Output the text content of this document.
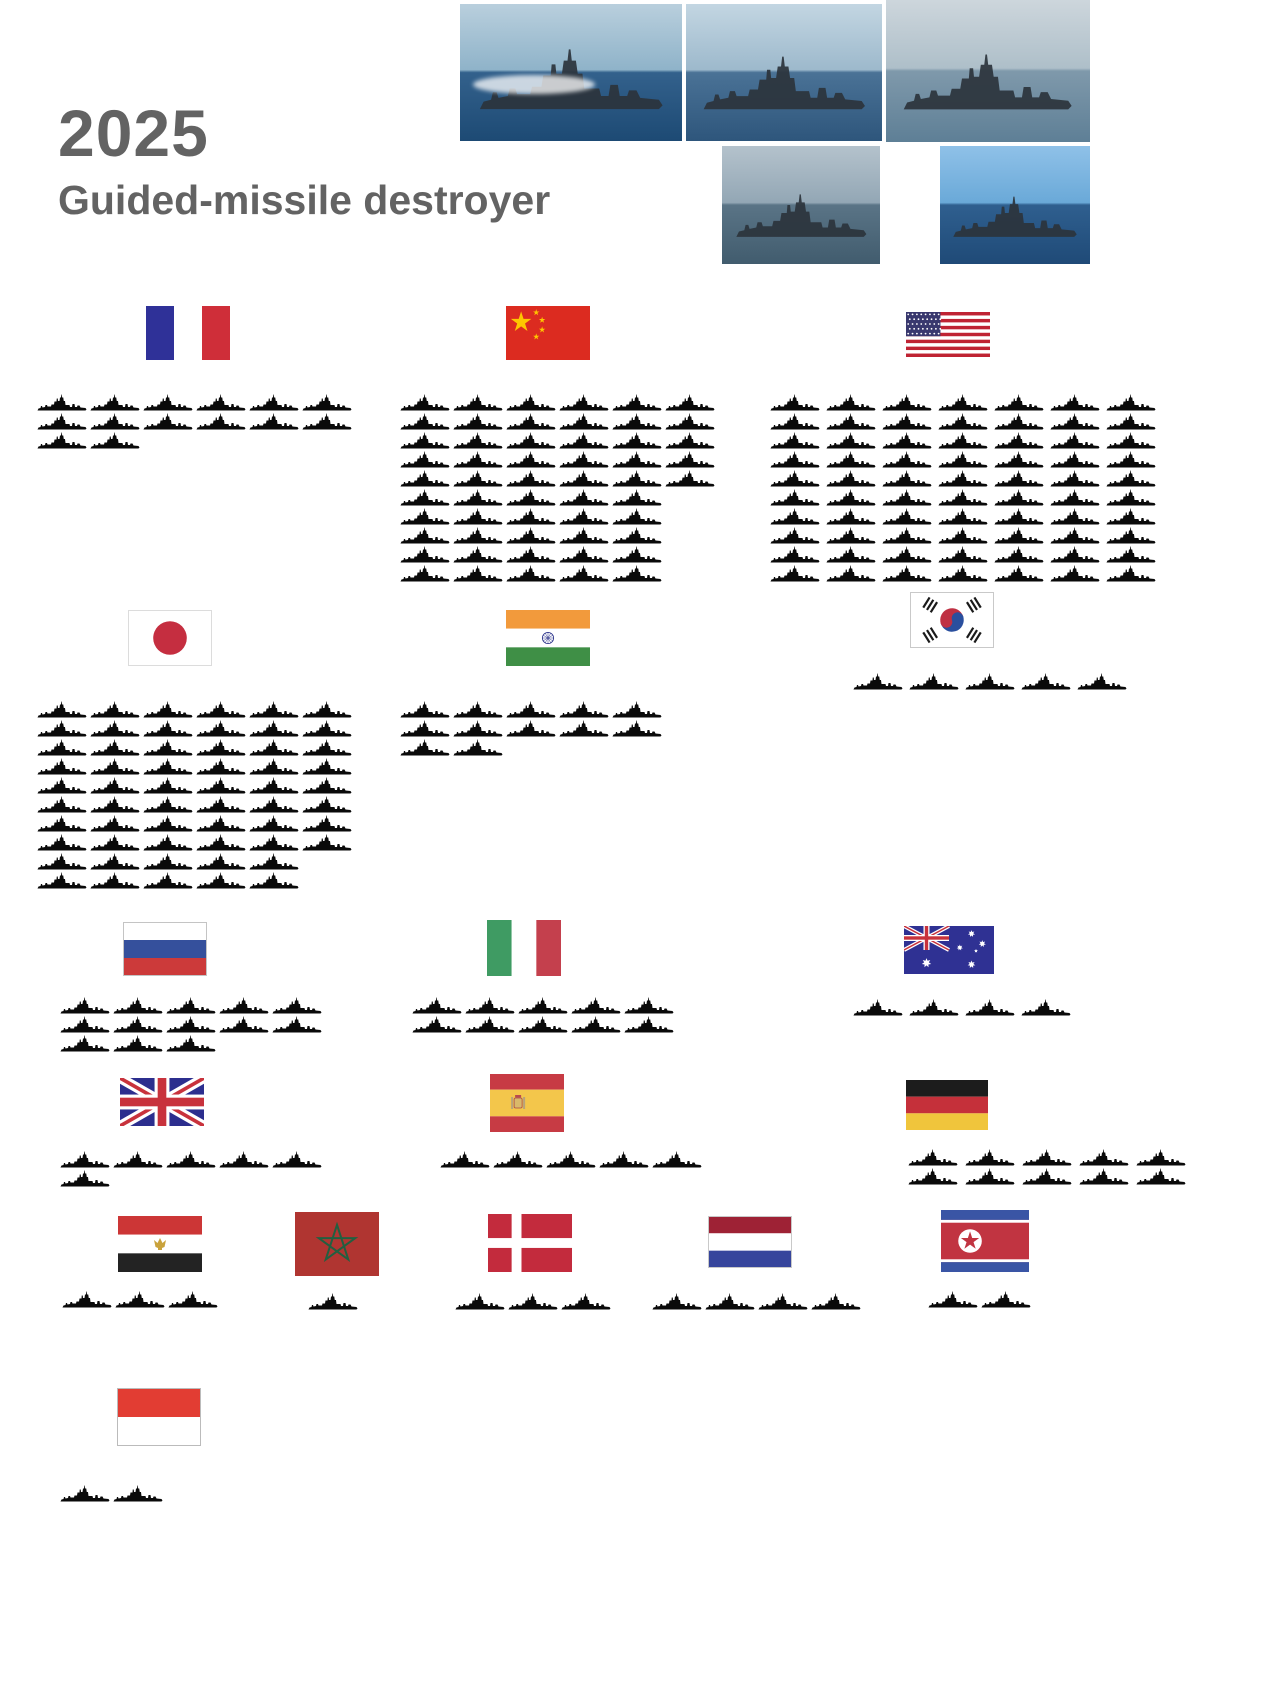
2025
Guided-missile destroyer
